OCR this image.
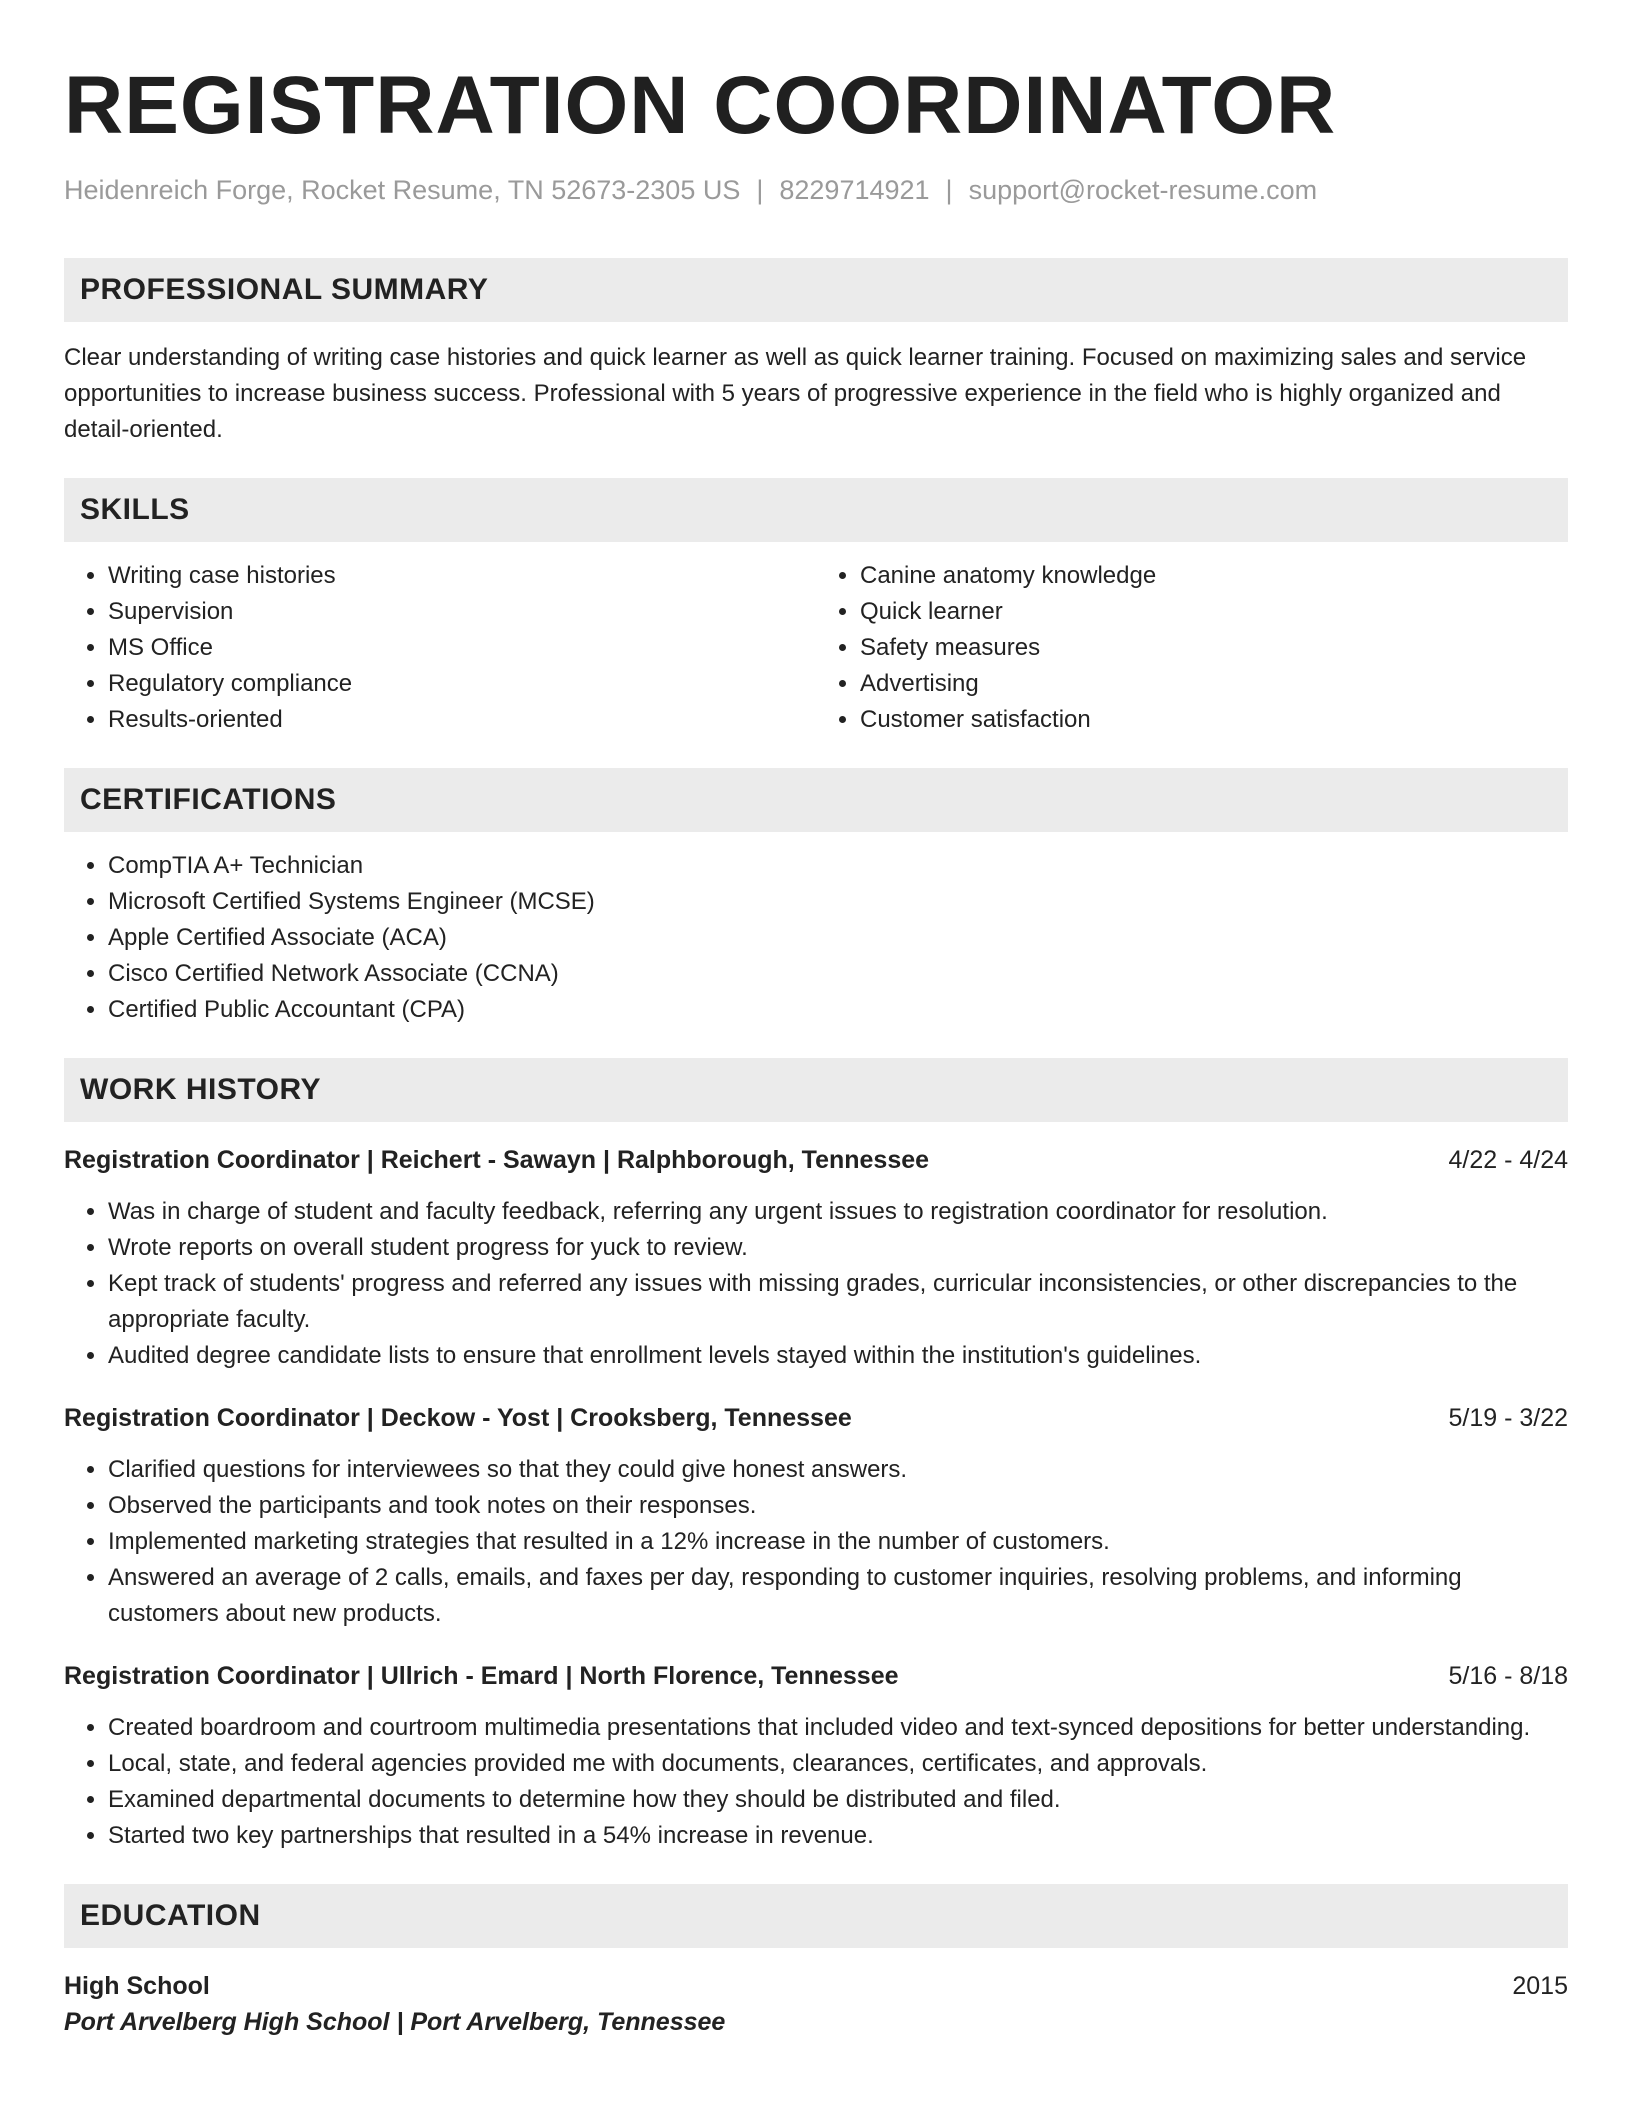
REGISTRATION COORDINATOR
Heidenreich Forge, Rocket Resume, TN 52673-2305 US | 8229714921 | support@rocket-resume.com
PROFESSIONAL SUMMARY

Clear understanding of writing case histories and quick learner as well as quick learner training. Focused on maximizing sales and service opportunities to increase business success. Professional with 5 years of progressive experience in the field who is highly organized and detail-oriented.

SKILLS
• Writing case histories
• Supervision
• MS Office
• Regulatory compliance
• Results-oriented
• Canine anatomy knowledge
• Quick learner
• Safety measures
• Advertising
• Customer satisfaction
CERTIFICATIONS
• CompTIA A+ Technician
• Microsoft Certified Systems Engineer (MCSE)
• Apple Certified Associate (ACA)
• Cisco Certified Network Associate (CCNA)
• Certified Public Accountant (CPA)
WORK HISTORY
Registration Coordinator | Reichert - Sawayn | Ralphborough, Tennessee	4/22 - 4/24
• Was in charge of student and faculty feedback, referring any urgent issues to registration coordinator for resolution.
• Wrote reports on overall student progress for yuck to review.
• Kept track of students' progress and referred any issues with missing grades, curricular inconsistencies, or other discrepancies to the appropriate faculty.
• Audited degree candidate lists to ensure that enrollment levels stayed within the institution's guidelines.
Registration Coordinator | Deckow - Yost | Crooksberg, Tennessee	5/19 - 3/22
• Clarified questions for interviewees so that they could give honest answers.
• Observed the participants and took notes on their responses.
• Implemented marketing strategies that resulted in a 12% increase in the number of customers.
• Answered an average of 2 calls, emails, and faxes per day, responding to customer inquiries, resolving problems, and informing customers about new products.
Registration Coordinator | Ullrich - Emard | North Florence, Tennessee	5/16 - 8/18
• Created boardroom and courtroom multimedia presentations that included video and text-synced depositions for better understanding.
• Local, state, and federal agencies provided me with documents, clearances, certificates, and approvals.
• Examined departmental documents to determine how they should be distributed and filed.
• Started two key partnerships that resulted in a 54% increase in revenue.
EDUCATION
High School	2015
Port Arvelberg High School | Port Arvelberg, Tennessee
